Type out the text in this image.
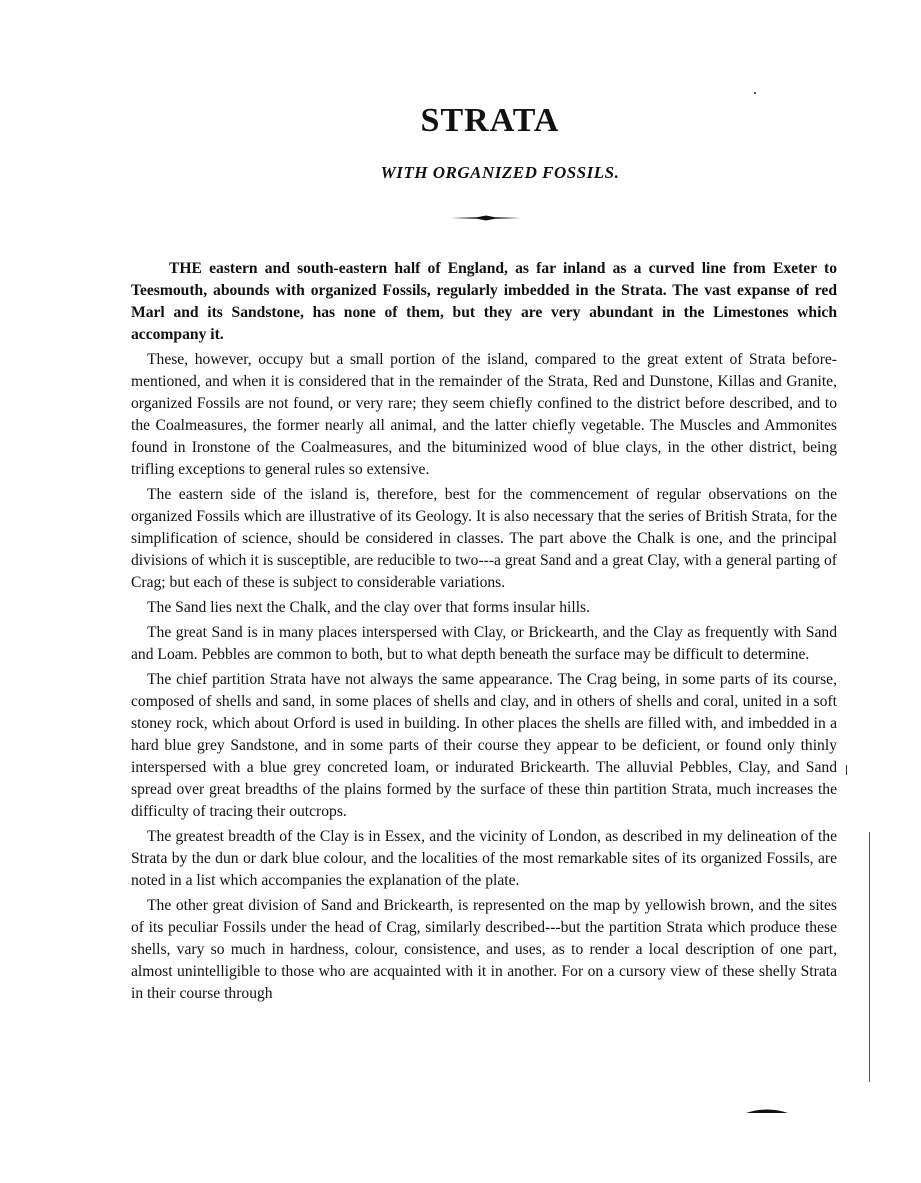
STRATA
WITH ORGANIZED FOSSILS.

THE eastern and south-eastern half of England, as far inland as a curved line from Exeter to Teesmouth, abounds with organized Fossils, regularly imbedded in the Strata. The vast expanse of red Marl and its Sandstone, has none of them, but they are very abundant in the Limestones which accompany it.

These, however, occupy but a small portion of the island, compared to the great extent of Strata before-mentioned, and when it is considered that in the remainder of the Strata, Red and Dunstone, Killas and Granite, organized Fossils are not found, or very rare; they seem chiefly confined to the district before described, and to the Coalmeasures, the former nearly all animal, and the latter chiefly vegetable. The Muscles and Ammonites found in Ironstone of the Coalmeasures, and the bituminized wood of blue clays, in the other district, being trifling exceptions to general rules so extensive.

The eastern side of the island is, therefore, best for the commencement of regular observations on the organized Fossils which are illustrative of its Geology. It is also necessary that the series of British Strata, for the simplification of science, should be considered in classes. The part above the Chalk is one, and the principal divisions of which it is susceptible, are reducible to two---a great Sand and a great Clay, with a general parting of Crag; but each of these is subject to considerable variations.

The Sand lies next the Chalk, and the clay over that forms insular hills.

The great Sand is in many places interspersed with Clay, or Brickearth, and the Clay as frequently with Sand and Loam. Pebbles are common to both, but to what depth beneath the surface may be difficult to determine.

The chief partition Strata have not always the same appearance. The Crag being, in some parts of its course, composed of shells and sand, in some places of shells and clay, and in others of shells and coral, united in a soft stoney rock, which about Orford is used in building. In other places the shells are filled with, and imbedded in a hard blue grey Sandstone, and in some parts of their course they appear to be deficient, or found only thinly interspersed with a blue grey concreted loam, or indurated Brickearth. The alluvial Pebbles, Clay, and Sand spread over great breadths of the plains formed by the surface of these thin partition Strata, much increases the difficulty of tracing their outcrops.

The greatest breadth of the Clay is in Essex, and the vicinity of London, as described in my delineation of the Strata by the dun or dark blue colour, and the localities of the most remarkable sites of its organized Fossils, are noted in a list which accompanies the explanation of the plate.

The other great division of Sand and Brickearth, is represented on the map by yellowish brown, and the sites of its peculiar Fossils under the head of Crag, similarly described---but the partition Strata which produce these shells, vary so much in hardness, colour, consistence, and uses, as to render a local description of one part, almost unintelligible to those who are acquainted with it in another. For on a cursory view of these shelly Strata in their course through
